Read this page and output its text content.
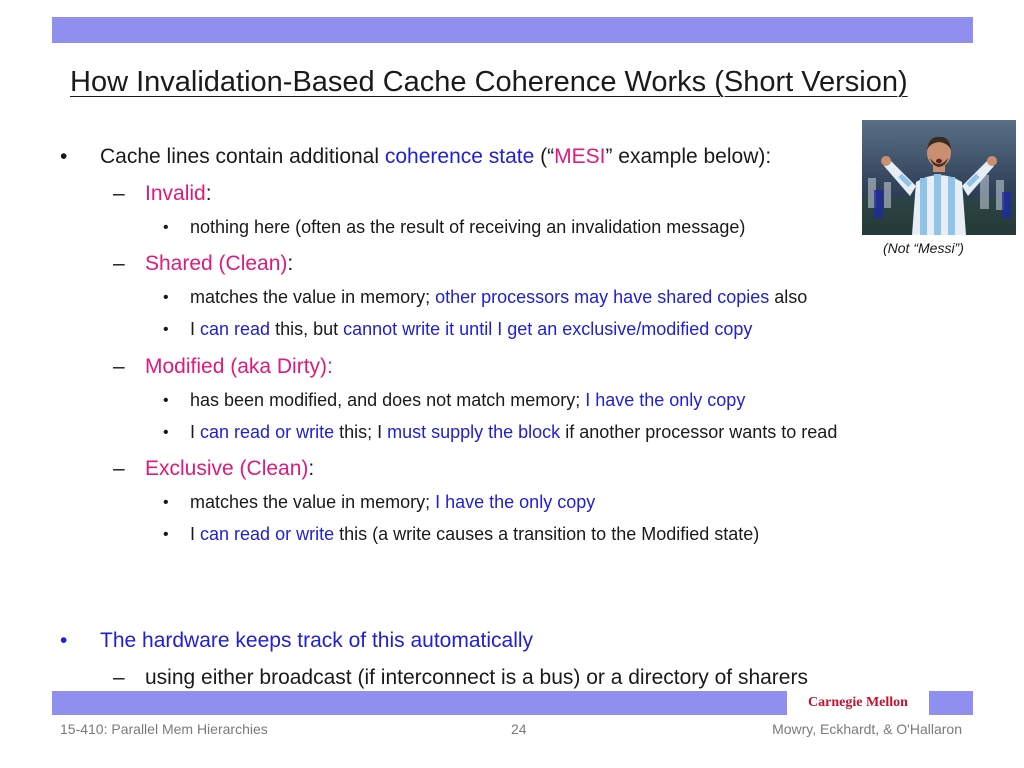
How Invalidation-Based Cache Coherence Works (Short Version)
• Cache lines contain additional coherence state (“MESI” example below):
– Invalid:
• nothing here (often as the result of receiving an invalidation message)
– Shared (Clean):
• matches the value in memory; other processors may have shared copies also
• I can read this, but cannot write it until I get an exclusive/modified copy
– Modified (aka Dirty):
• has been modified, and does not match memory; I have the only copy
• I can read or write this; I must supply the block if another processor wants to read
– Exclusive (Clean):
• matches the value in memory; I have the only copy
• I can read or write this (a write causes a transition to the Modified state)
• The hardware keeps track of this automatically
– using either broadcast (if interconnect is a bus) or a directory of sharers
(Not “Messi”)
Carnegie Mellon
15-410: Parallel Mem Hierarchies	24	Mowry, Eckhardt, & O'Hallaron
